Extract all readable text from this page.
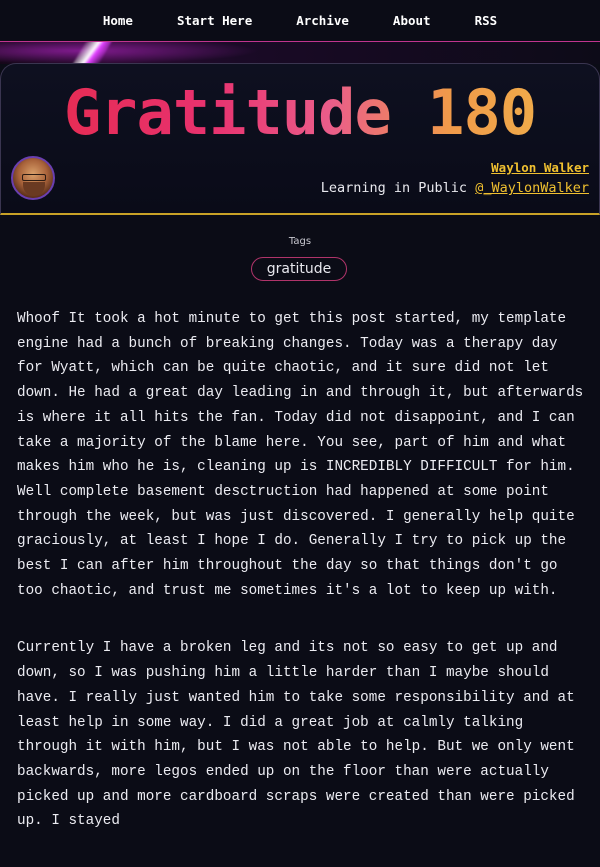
Home	Start Here	Archive	About	RSS
Gratitude 180
Waylon Walker
Learning in Public @_WaylonWalker
Tags
gratitude

Whoof It took a hot minute to get this post started, my template engine had a bunch of breaking changes. Today was a therapy day for Wyatt, which can be quite chaotic, and it sure did not let down. He had a great day leading in and through it, but afterwards is where it all hits the fan. Today did not disappoint, and I can take a majority of the blame here. You see, part of him and what makes him who he is, cleaning up is INCREDIBLY DIFFICULT for him. Well complete basement desctruction had happened at some point through the week, but was just discovered. I generally help quite graciously, at least I hope I do. Generally I try to pick up the best I can after him throughout the day so that things don't go too chaotic, and trust me sometimes it's a lot to keep up with.

Currently I have a broken leg and its not so easy to get up and down, so I was pushing him a little harder than I maybe should have. I really just wanted him to take some responsibility and at least help in some way. I did a great job at calmly talking through it with him, but I was not able to help. But we only went backwards, more legos ended up on the floor than were actually picked up and more cardboard scraps were created than were picked up. I stayed
